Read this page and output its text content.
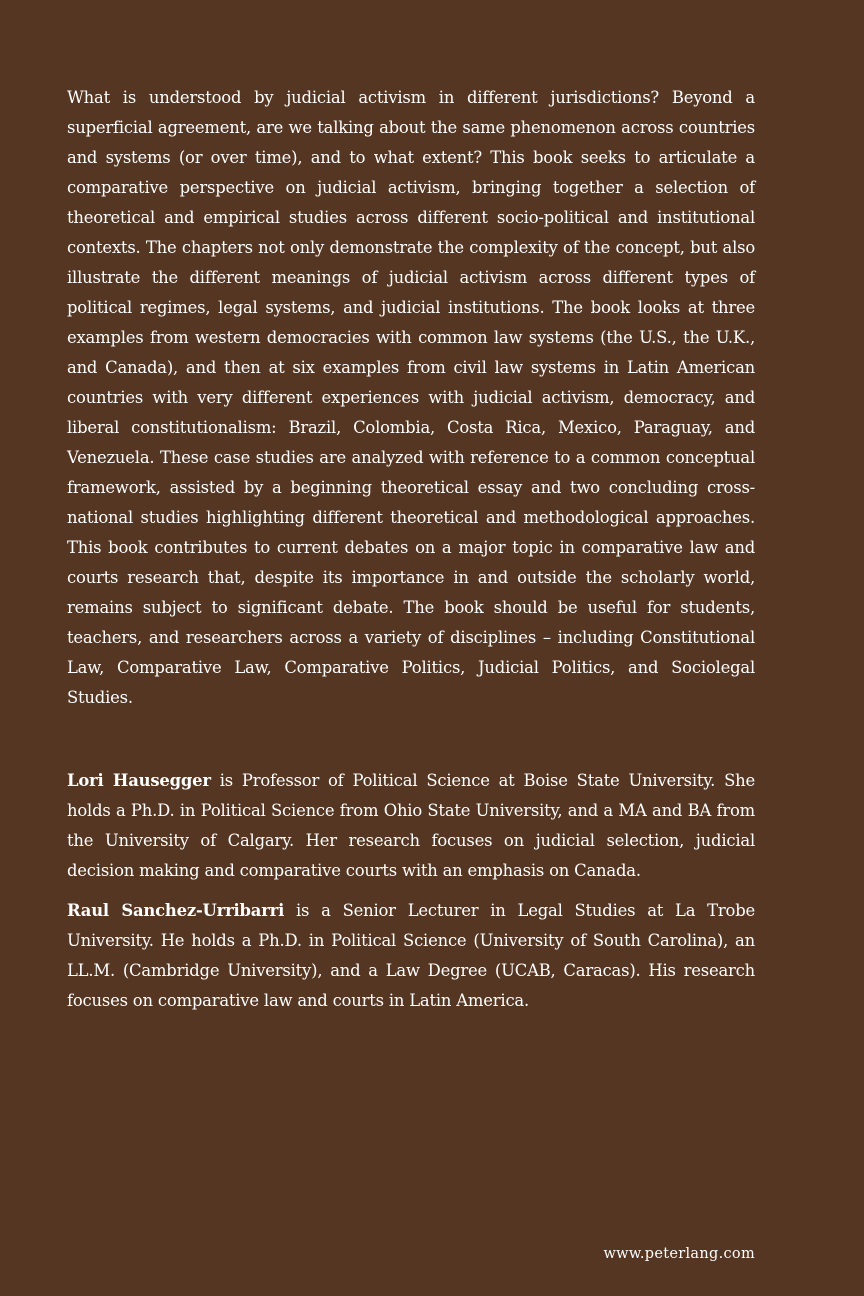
What is understood by judicial activism in different jurisdictions? Beyond a superficial agreement, are we talking about the same phenomenon across countries and systems (or over time), and to what extent? This book seeks to articulate a comparative perspective on judicial activism, bringing together a selection of theoretical and empirical studies across different socio-political and institutional contexts. The chapters not only demonstrate the complexity of the concept, but also illustrate the different meanings of judicial activism across different types of political regimes, legal systems, and judicial institutions. The book looks at three examples from western democracies with common law systems (the U.S., the U.K., and Canada), and then at six examples from civil law systems in Latin American countries with very different experiences with judicial activism, democracy, and liberal constitutionalism: Brazil, Colombia, Costa Rica, Mexico, Paraguay, and Venezuela. These case studies are analyzed with reference to a common conceptual framework, assisted by a beginning theoretical essay and two concluding cross-national studies highlighting different theoretical and methodological approaches. This book contributes to current debates on a major topic in comparative law and courts research that, despite its importance in and outside the scholarly world, remains subject to significant debate. The book should be useful for students, teachers, and researchers across a variety of disciplines – including Constitutional Law, Comparative Law, Comparative Politics, Judicial Politics, and Sociolegal Studies.

Lori Hausegger is Professor of Political Science at Boise State University. She holds a Ph.D. in Political Science from Ohio State University, and a MA and BA from the University of Calgary. Her research focuses on judicial selection, judicial decision making and comparative courts with an emphasis on Canada.

Raul Sanchez-Urribarri is a Senior Lecturer in Legal Studies at La Trobe University. He holds a Ph.D. in Political Science (University of South Carolina), an LL.M. (Cambridge University), and a Law Degree (UCAB, Caracas). His research focuses on comparative law and courts in Latin America.

www.peterlang.com
